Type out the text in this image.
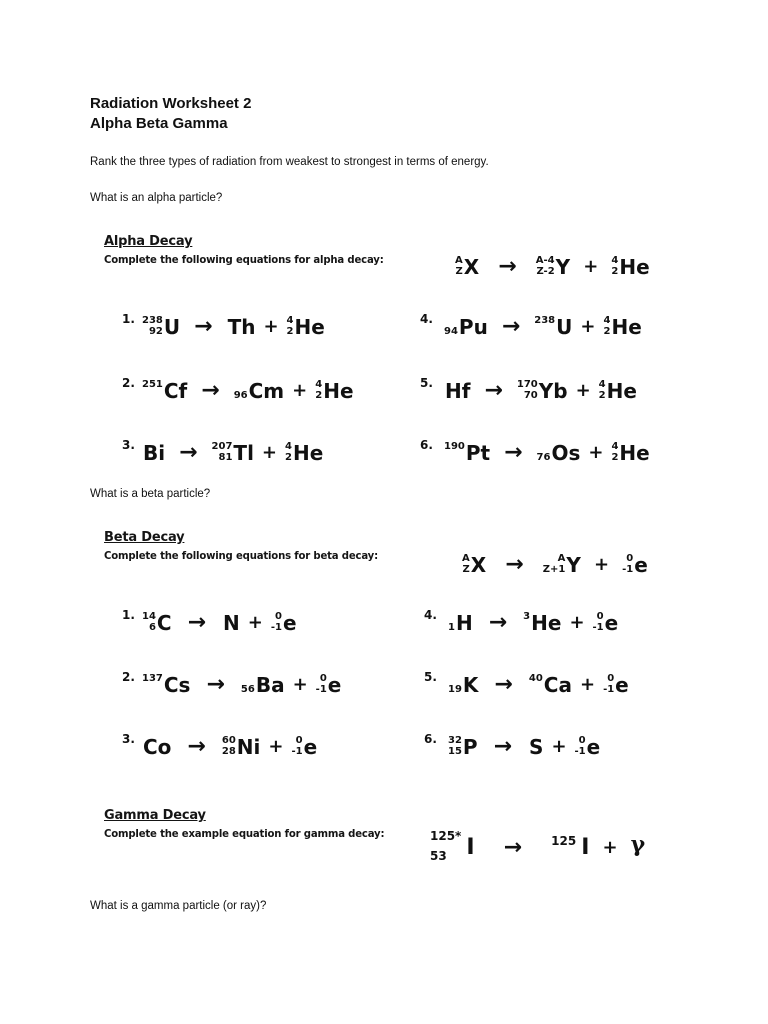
Radiation Worksheet 2
Alpha Beta Gamma
Rank the three types of radiation from weakest to strongest in terms of energy.
What is an alpha particle?
What is a beta particle?
What is a gamma particle (or ray)?
Alpha Decay
Complete the following equations for alpha decay:	A
Z X → A-4
Z-2 Y + 4
2 He
1. 238
92 U → Th + 4
2 He
2. 251 Cf → 96 Cm + 4
2 He
3. Bi → 207
81 Tl + 4
2 He
4.
94 Pu → 238 U + 4
2 He
5. Hf → 170
70 Yb + 4
2 He
6. 190 Pt → 76 Os + 4
2 He
Beta Decay
Complete the following equations for beta decay:	A
Z X →	A
Z+1 Y + 0
-1 e
1. 14
6 C → N + 0
-1 e
2. 137 Cs → 56 Ba + 0
-1 e
3. Co → 60
28 Ni + 0
-1 e
4.
1 H → 3 He + 0
-1 e
5.
19 K → 40 Ca + 0
-1 e
6. 32
15 P → S + 0
-1 e
Gamma Decay
Complete the example equation for gamma decay:	125*
53 I → 125 I + γ
